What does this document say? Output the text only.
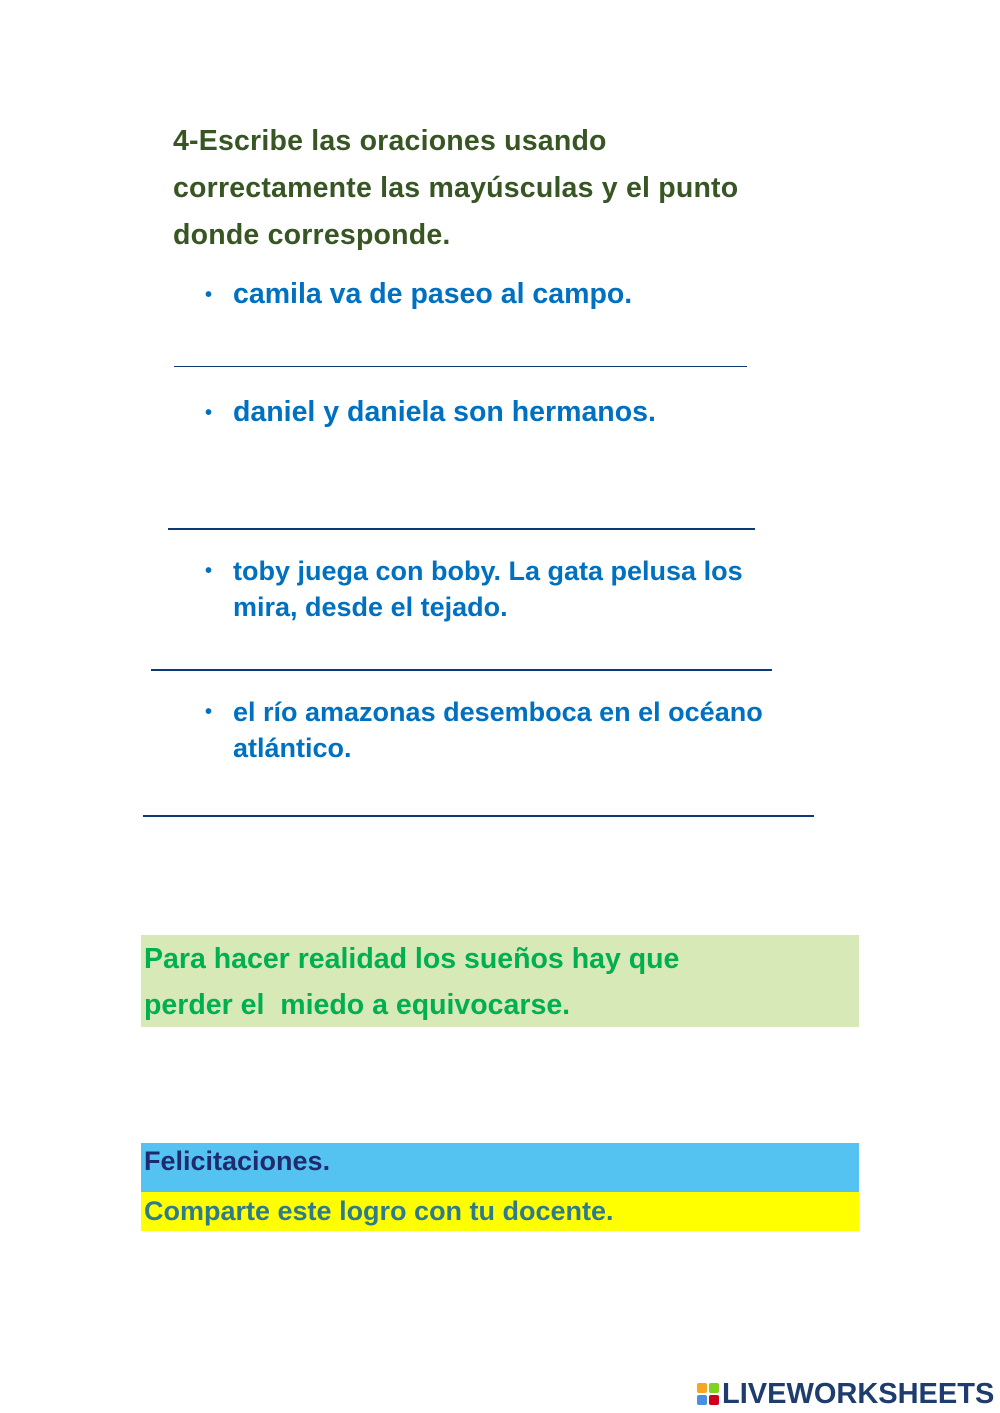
4-Escribe las oraciones usando
correctamente las mayúsculas y el punto
donde corresponde.
• camila va de paseo al campo.
• daniel y daniela son hermanos.
• toby juega con boby. La gata pelusa los
mira, desde el tejado.
• el río amazonas desemboca en el océano
atlántico.
Para hacer realidad los sueños hay que
perder el  miedo a equivocarse.
Felicitaciones.
Comparte este logro con tu docente.
LIVEWORKSHEETS
